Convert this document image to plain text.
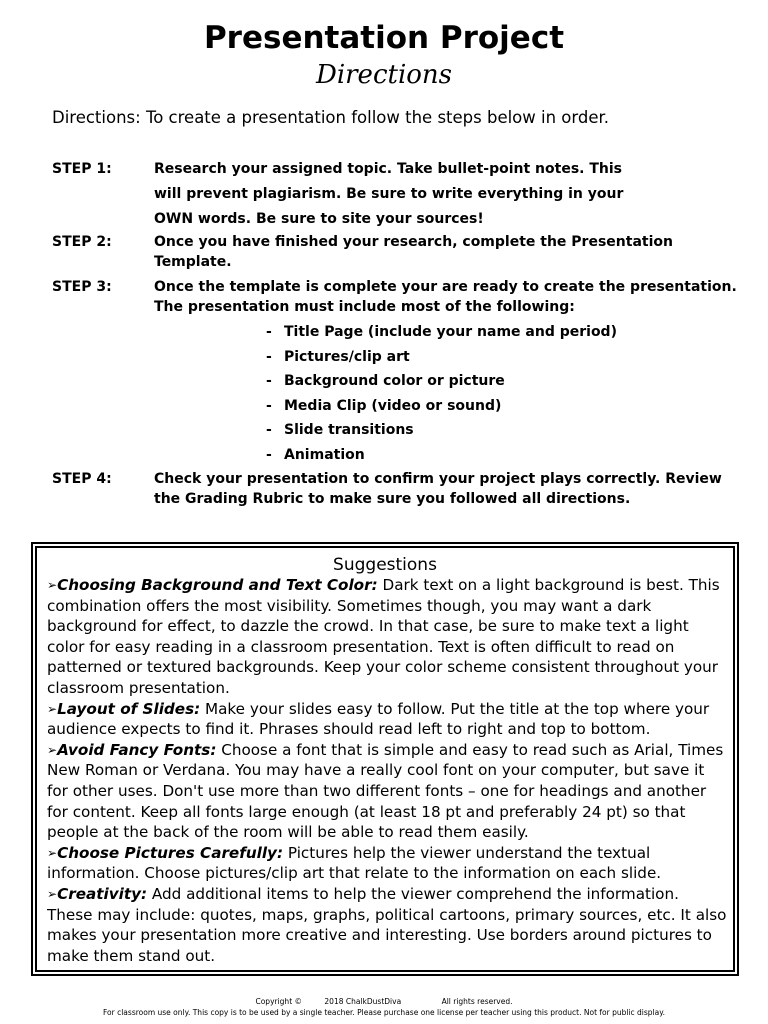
Presentation Project
Directions
Directions: To create a presentation follow the steps below in order.
STEP 1:	Research your assigned topic. Take bullet-point notes. This
will prevent plagiarism. Be sure to write everything in your
OWN words. Be sure to site your sources!
STEP 2:	Once you have finished your research, complete the Presentation Template.
STEP 3:	Once the template is complete your are ready to create the presentation. The presentation must include most of the following:
- Title Page (include your name and period)
- Pictures/clip art
- Background color or picture
- Media Clip (video or sound)
- Slide transitions
- Animation
STEP 4:	Check your presentation to confirm your project plays correctly. Review the Grading Rubric to make sure you followed all directions.
Suggestions

➢Choosing Background and Text Color: Dark text on a light background is best. This combination offers the most visibility. Sometimes though, you may want a dark background for effect, to dazzle the crowd. In that case, be sure to make text a light color for easy reading in a classroom presentation. Text is often difficult to read on patterned or textured backgrounds. Keep your color scheme consistent throughout your classroom presentation.

➢Layout of Slides: Make your slides easy to follow. Put the title at the top where your audience expects to find it. Phrases should read left to right and top to bottom.

➢Avoid Fancy Fonts: Choose a font that is simple and easy to read such as Arial, Times New Roman or Verdana. You may have a really cool font on your computer, but save it for other uses. Don't use more than two different fonts – one for headings and another for content. Keep all fonts large enough (at least 18 pt and preferably 24 pt) so that people at the back of the room will be able to read them easily.

➢Choose Pictures Carefully: Pictures help the viewer understand the textual information. Choose pictures/clip art that relate to the information on each slide.

➢Creativity: Add additional items to help the viewer comprehend the information. These may include: quotes, maps, graphs, political cartoons, primary sources, etc. It also makes your presentation more creative and interesting. Use borders around pictures to make them stand out.

Copyright ©	2018 ChalkDustDiva	All rights reserved.
For classroom use only. This copy is to be used by a single teacher. Please purchase one license per teacher using this product. Not for public display.
